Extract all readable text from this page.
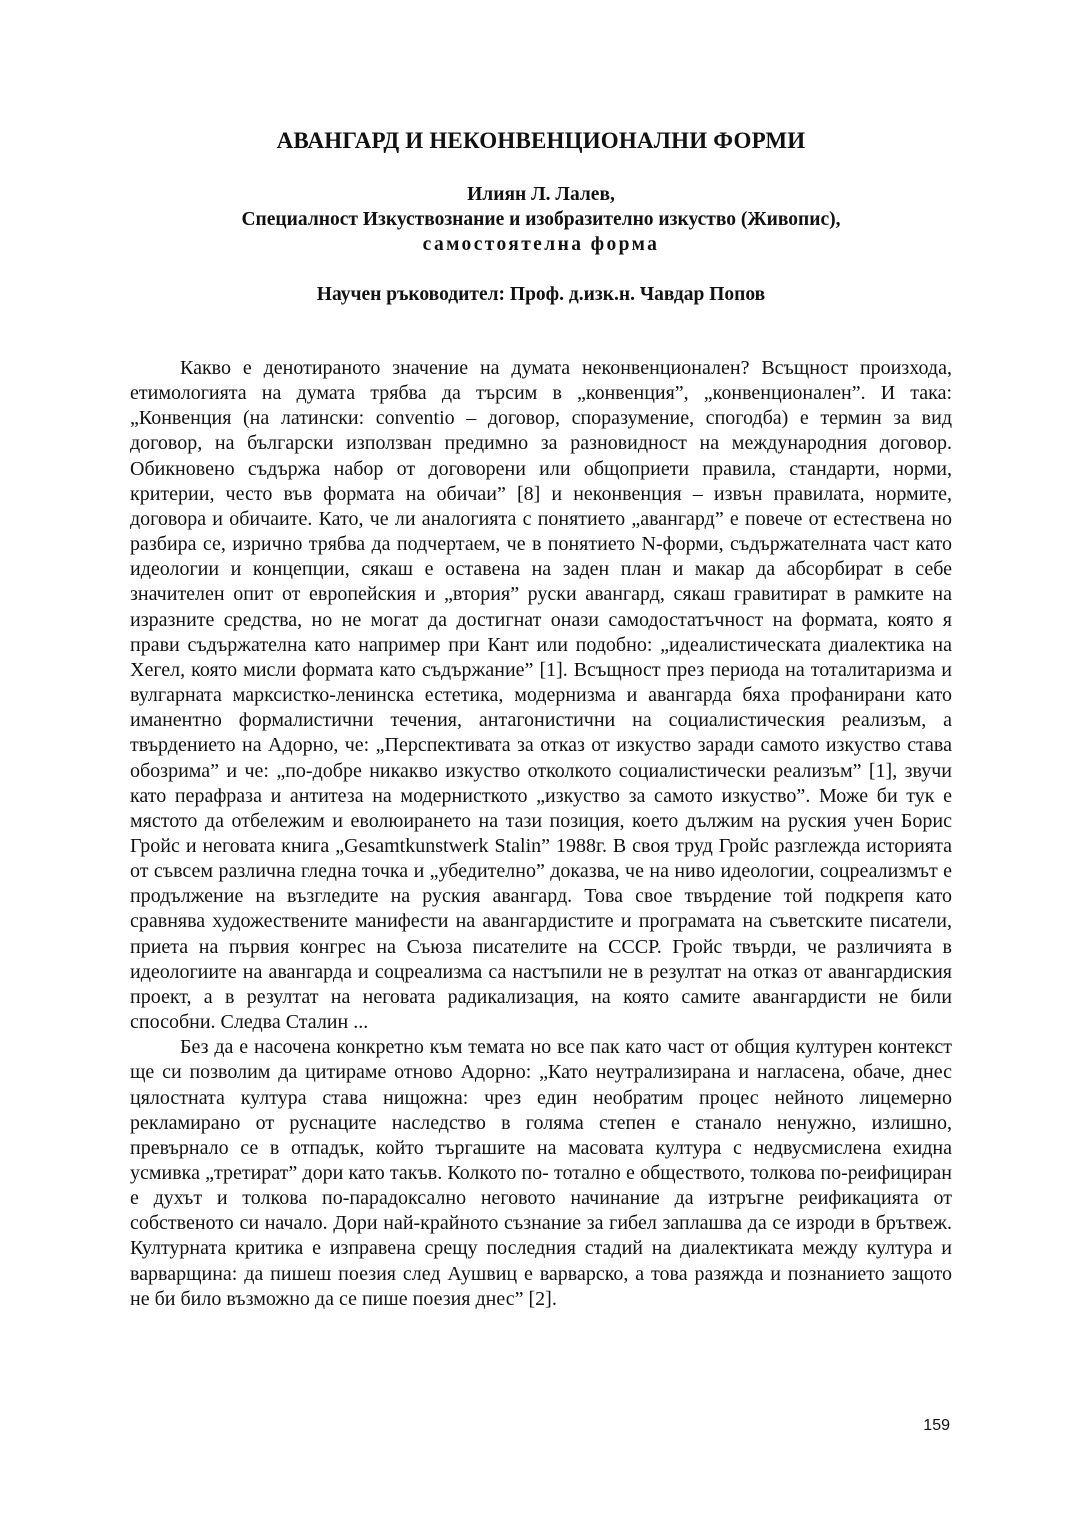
АВАНГАРД И НЕКОНВЕНЦИОНАЛНИ ФОРМИ
Илиян Л. Лалев,
Специалност Изкуствознание и изобразително изкуство (Живопис),
самостоятелна форма
Научен ръководител: Проф. д.изк.н. Чавдар Попов

Какво е денотираното значение на думата неконвенционален? Всъщност произхода, етимологията на думата трябва да търсим в „конвенция”, „конвенционален”. И така: „Конвенция (на латински: conventio – договор, споразумение, спогодба) е термин за вид договор, на български използван предимно за разновидност на международния договор. Обикновено съдържа набор от договорени или общоприети правила, стандарти, норми, критерии, често във формата на обичаи” [8] и неконвенция – извън правилата, нормите, договора и обичаите. Като, че ли аналогията с понятието „авангард” е повече от естествена но разбира се, изрично трябва да подчертаем, че в понятието N-форми, съдържателната част като идеологии и концепции, сякаш е оставена на заден план и макар да абсорбират в себе значителен опит от европейския и „втория” руски авангард, сякаш гравитират в рамките на изразните средства, но не могат да достигнат онази самодостатъчност на формата, която я прави съдържателна като например при Кант или подобно: „идеалистическата диалектика на Хегел, която мисли формата като съдържание” [1]. Всъщност през периода на тоталитаризма и вулгарната марксистко-ленинска естетика, модернизма и авангарда бяха профанирани като иманентно формалистични течения, антагонистични на социалистическия реализъм, а твърдението на Адорно, че: „Перспективата за отказ от изкуство заради самото изкуство става обозрима” и че: „по-добре никакво изкуство отколкото социалистически реализъм” [1], звучи като перафраза и антитеза на модерниcткото „изкуство за самото изкуство”. Може би тук е мястото да отбележим и еволюирането на тази позиция, което дължим на руския учен Борис Гройс и неговата книга „Gesamtkunstwerk Stalin” 1988г. В своя труд Гройс разглежда историята от съвсем различна гледна точка и „убедително” доказва, че на ниво идеологии, соцреализмът е продължение на възгледите на руския авангард. Това свое твърдение той подкрепя като сравнява художествените манифести на авангардистите и програмата на съветските писатели, приета на първия конгрес на Съюза писателите на СССР. Гройс твърди, че различията в идеологиите на авангарда и соцреализма са настъпили не в резултат на отказ от авангардиския проект, а в резултат на неговата радикализация, на която самите авангардисти не били способни. Следва Сталин ...

Без да е насочена конкретно към темата но все пак като част от общия културен контекст ще си позволим да цитираме отново Адорно: „Като неутрализирана и нагласена, обаче, днес цялостната култура става нищожна: чрез един необратим процес нейното лицемерно рекламирано от руснаците наследство в голяма степен е станало ненужно, излишно, превърнало се в отпадък, който търгашите на масовата култура с недвусмислена ехидна усмивка „третират” дори като такъв. Колкото по- тотално е обществото, толкова по-реифициран е духът и толкова по-парадоксално неговото начинание да изтръгне реификацията от собственото си начало. Дори най-крайното съзнание за гибел заплашва да се изроди в брътвеж. Културната критика е изправена срещу последния стадий на диалектиката между култура и варварщина: да пишеш поезия след Аушвиц е варварско, а това разяжда и познанието защото не би било възможно да се пише поезия днес” [2].

159
